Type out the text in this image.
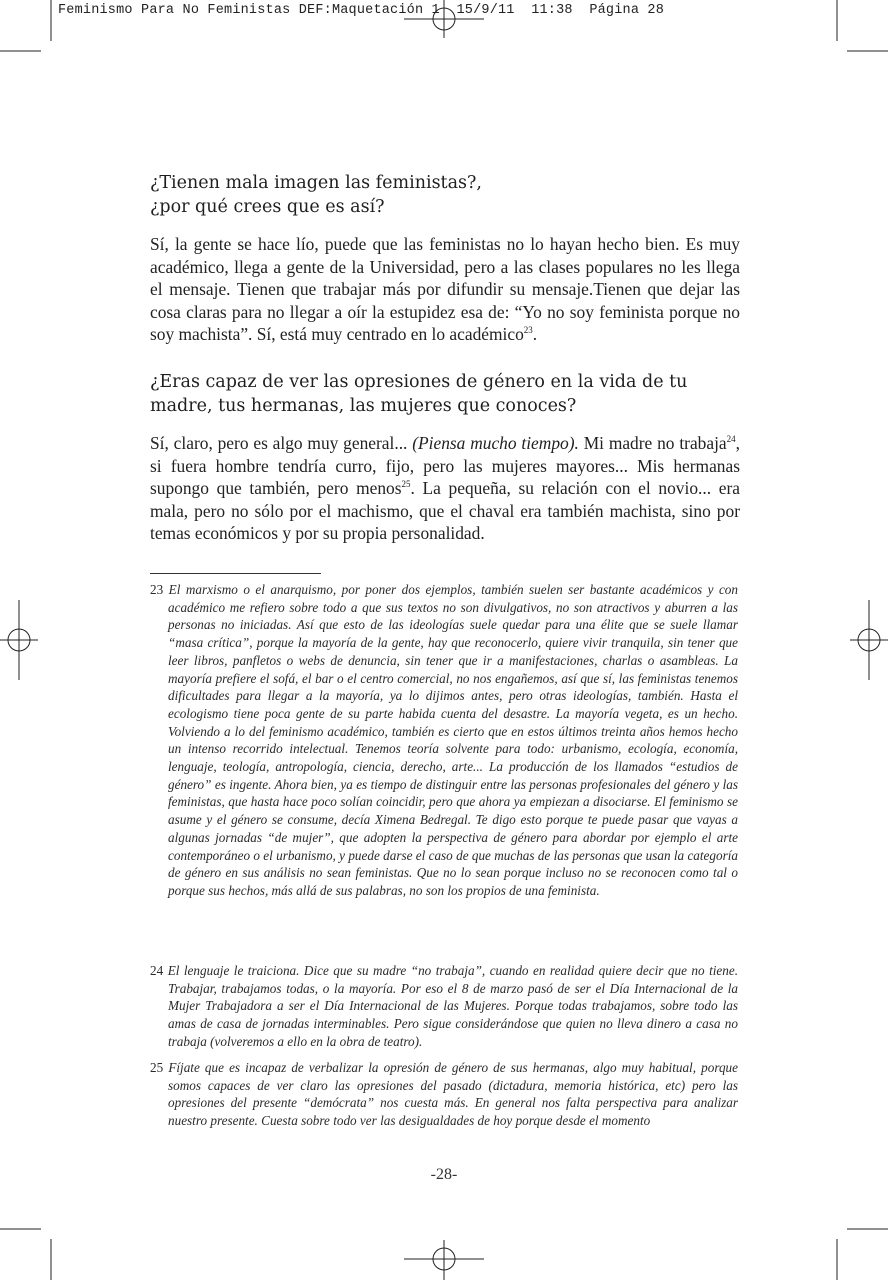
Feminismo Para No Feministas DEF:Maquetación 1 15/9/11 11:38 Página 28
¿Tienen mala imagen las feministas?,
¿por qué crees que es así?

Sí, la gente se hace lío, puede que las feministas no lo hayan hecho bien. Es muy académico, llega a gente de la Universidad, pero a las clases populares no les llega el mensaje. Tienen que trabajar más por difundir su mensaje.Tienen que dejar las cosa claras para no llegar a oír la estupidez esa de: “Yo no soy feminista porque no soy machista”. Sí, está muy centrado en lo académico$^{23}$.

¿Eras capaz de ver las opresiones de género en la vida de tu
madre, tus hermanas, las mujeres que conoces?

Sí, claro, pero es algo muy general... (Piensa mucho tiempo). Mi madre no trabaja$^{24}$, si fuera hombre tendría curro, fijo, pero las mujeres mayores... Mis hermanas supongo que también, pero menos$^{25}$. La pequeña, su relación con el novio... era mala, pero no sólo por el machismo, que el chaval era también machista, sino por temas económicos y por su propia personalidad.

23 El marxismo o el anarquismo, por poner dos ejemplos, también suelen ser bastante académicos y con académico me refiero sobre todo a que sus textos no son divulgativos, no son atractivos y aburren a las personas no iniciadas. Así que esto de las ideologías suele quedar para una élite que se suele llamar “masa crítica”, porque la mayoría de la gente, hay que reconocerlo, quiere vivir tranquila, sin tener que leer libros, panfletos o webs de denuncia, sin tener que ir a manifestaciones, charlas o asambleas. La mayoría prefiere el sofá, el bar o el centro comercial, no nos engañemos, así que sí, las feministas tenemos dificultades para llegar a la mayoría, ya lo dijimos antes, pero otras ideologías, también. Hasta el ecologismo tiene poca gente de su parte habida cuenta del desastre. La mayoría vegeta, es un hecho. Volviendo a lo del feminismo académico, también es cierto que en estos últimos treinta años hemos hecho un intenso recorrido intelectual. Tenemos teoría solvente para todo: urbanismo, ecología, economía, lenguaje, teología, antropología, ciencia, derecho, arte... La producción de los llamados “estudios de género” es ingente. Ahora bien, ya es tiempo de distinguir entre las personas profesionales del género y las feministas, que hasta hace poco solían coincidir, pero que ahora ya empiezan a disociarse. El feminismo se asume y el género se consume, decía Ximena Bedregal. Te digo esto porque te puede pasar que vayas a algunas jornadas “de mujer”, que adopten la perspectiva de género para abordar por ejemplo el arte contemporáneo o el urbanismo, y puede darse el caso de que muchas de las personas que usan la categoría de género en sus análisis no sean feministas. Que no lo sean porque incluso no se reconocen como tal o porque sus hechos, más allá de sus palabras, no son los propios de una feminista.

24 El lenguaje le traiciona. Dice que su madre “no trabaja”, cuando en realidad quiere decir que no tiene. Trabajar, trabajamos todas, o la mayoría. Por eso el 8 de marzo pasó de ser el Día Internacional de la Mujer Trabajadora a ser el Día Internacional de las Mujeres. Porque todas trabajamos, sobre todo las amas de casa de jornadas interminables. Pero sigue considerándose que quien no lleva dinero a casa no trabaja (volveremos a ello en la obra de teatro).

25 Fíjate que es incapaz de verbalizar la opresión de género de sus hermanas, algo muy habitual, porque somos capaces de ver claro las opresiones del pasado (dictadura, memoria histórica, etc) pero las opresiones del presente “demócrata” nos cuesta más. En general nos falta perspectiva para analizar nuestro presente. Cuesta sobre todo ver las desigualdades de hoy porque desde el momento

-28-
